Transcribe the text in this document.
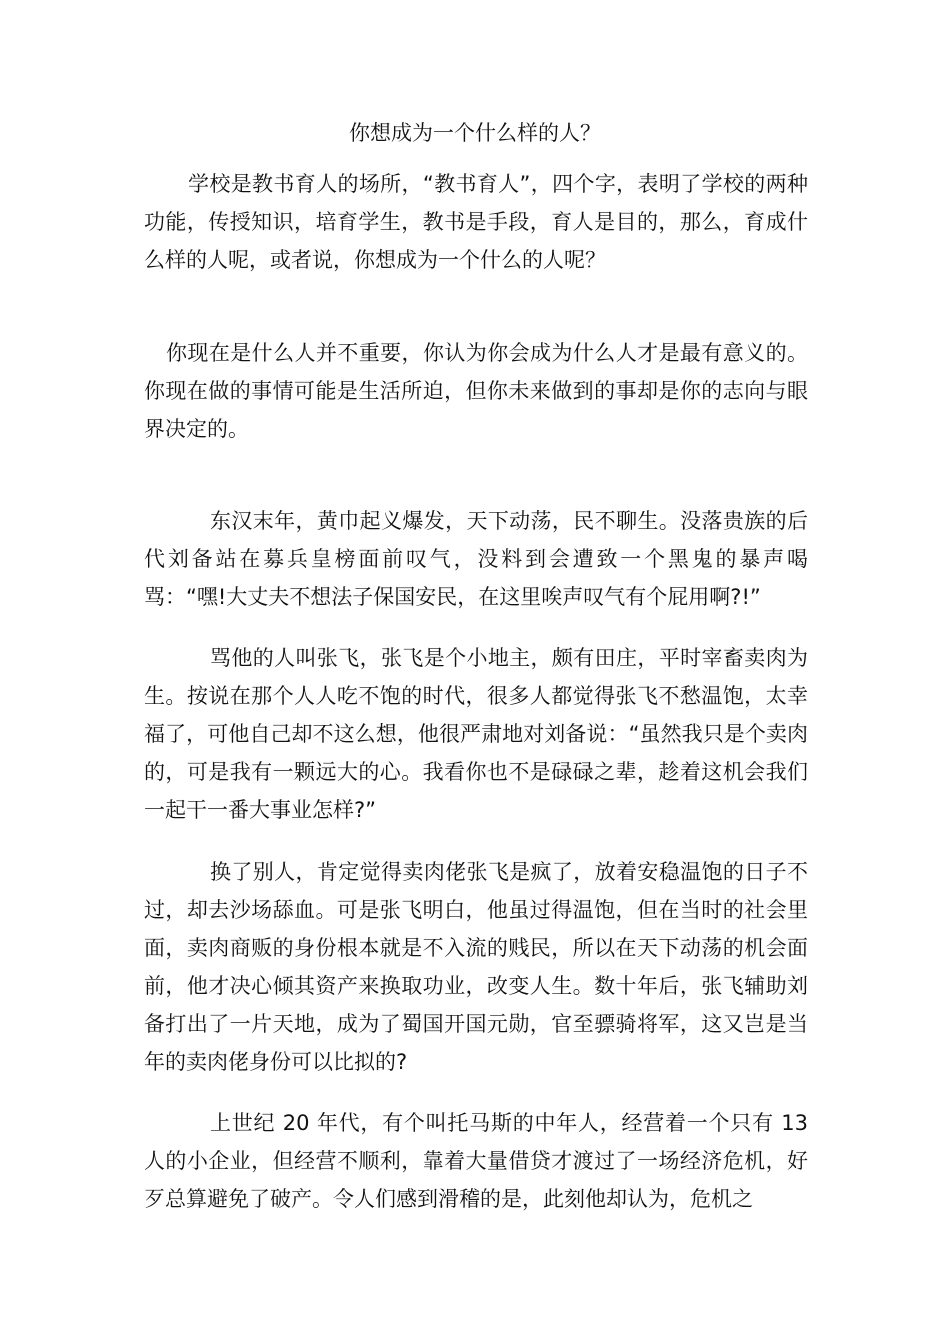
你想成为一个什么样的人？

学校是教书育人的场所，“教书育人”，四个字，表明了学校的两种功能，传授知识，培育学生，教书是手段，育人是目的，那么，育成什么样的人呢，或者说，你想成为一个什么的人呢？

你现在是什么人并不重要，你认为你会成为什么人才是最有意义的。你现在做的事情可能是生活所迫，但你未来做到的事却是你的志向与眼界决定的。

东汉末年，黄巾起义爆发，天下动荡，民不聊生。没落贵族的后代刘备站在募兵皇榜面前叹气，没料到会遭致一个黑鬼的暴声喝骂：“嘿!大丈夫不想法子保国安民，在这里唉声叹气有个屁用啊?!”

骂他的人叫张飞，张飞是个小地主，颇有田庄，平时宰畜卖肉为生。按说在那个人人吃不饱的时代，很多人都觉得张飞不愁温饱，太幸福了，可他自己却不这么想，他很严肃地对刘备说：“虽然我只是个卖肉的，可是我有一颗远大的心。我看你也不是碌碌之辈，趁着这机会我们一起干一番大事业怎样?”

换了别人，肯定觉得卖肉佬张飞是疯了，放着安稳温饱的日子不过，却去沙场舔血。可是张飞明白，他虽过得温饱，但在当时的社会里面，卖肉商贩的身份根本就是不入流的贱民，所以在天下动荡的机会面前，他才决心倾其资产来换取功业，改变人生。数十年后，张飞辅助刘备打出了一片天地，成为了蜀国开国元勋，官至骠骑将军，这又岂是当年的卖肉佬身份可以比拟的?

上世纪 20 年代，有个叫托马斯的中年人，经营着一个只有 13 人的小企业，但经营不顺利，靠着大量借贷才渡过了一场经济危机，好歹总算避免了破产。令人们感到滑稽的是，此刻他却认为，危机之
